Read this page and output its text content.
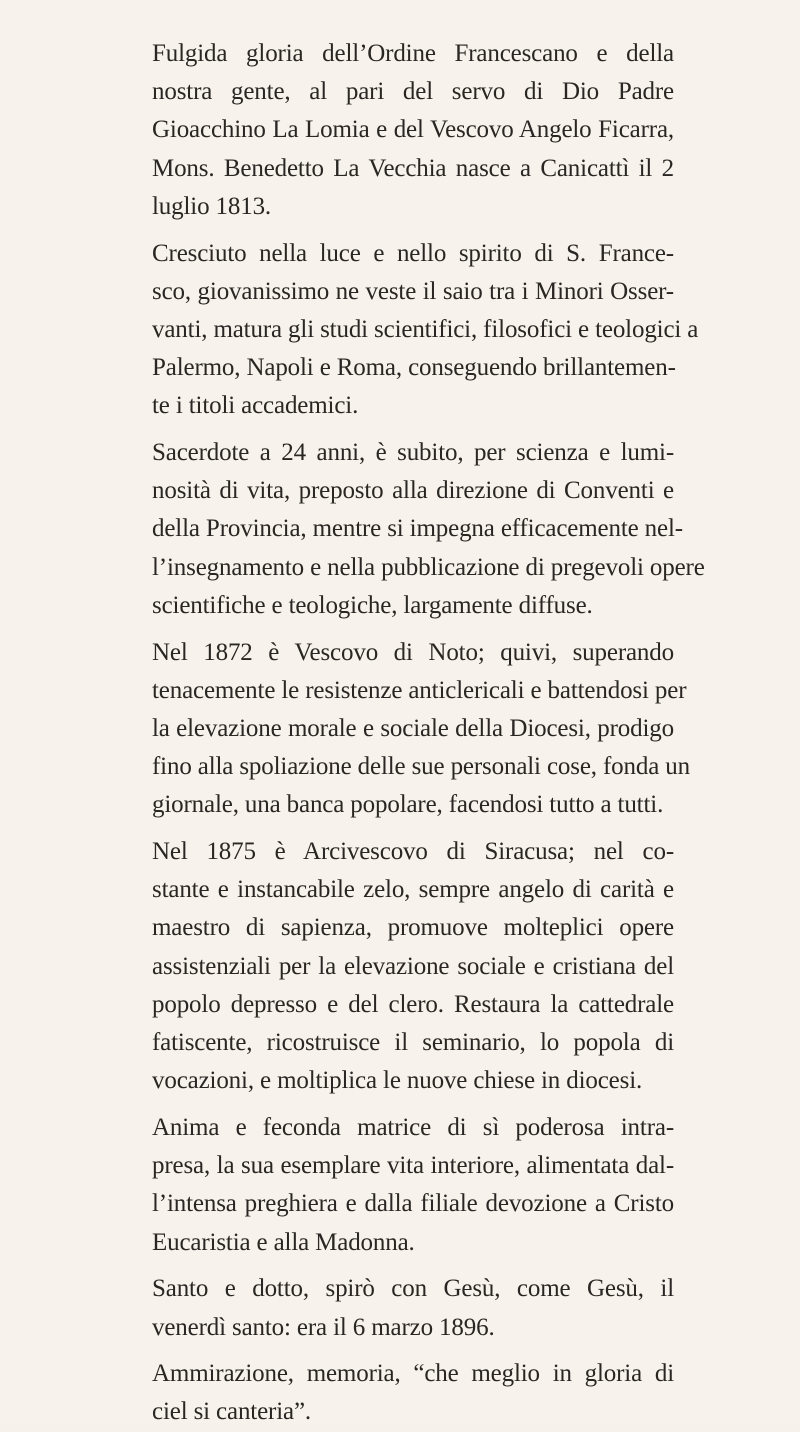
Fulgida gloria dell’Ordine Francescano e della
nostra gente, al pari del servo di Dio Padre
Gioacchino La Lomia e del Vescovo Angelo Ficarra,
Mons. Benedetto La Vecchia nasce a Canicattì il 2
luglio 1813.

Cresciuto nella luce e nello spirito di S. France-
sco, giovanissimo ne veste il saio tra i Minori Osser-
vanti, matura gli studi scientifici, filosofici e teologici a
Palermo, Napoli e Roma, conseguendo brillantemen-
te i titoli accademici.

Sacerdote a 24 anni, è subito, per scienza e lumi-
nosità di vita, preposto alla direzione di Conventi e
della Provincia, mentre si impegna efficacemente nel-
l’insegnamento e nella pubblicazione di pregevoli opere
scientifiche e teologiche, largamente diffuse.

Nel 1872 è Vescovo di Noto; quivi, superando
tenacemente le resistenze anticlericali e battendosi per
la elevazione morale e sociale della Diocesi, prodigo
fino alla spoliazione delle sue personali cose, fonda un
giornale, una banca popolare, facendosi tutto a tutti.

Nel 1875 è Arcivescovo di Siracusa; nel co-
stante e instancabile zelo, sempre angelo di carità e
maestro di sapienza, promuove molteplici opere
assistenziali per la elevazione sociale e cristiana del
popolo depresso e del clero. Restaura la cattedrale
fatiscente, ricostruisce il seminario, lo popola di
vocazioni, e moltiplica le nuove chiese in diocesi.

Anima e feconda matrice di sì poderosa intra-
presa, la sua esemplare vita interiore, alimentata dal-
l’intensa preghiera e dalla filiale devozione a Cristo
Eucaristia e alla Madonna.

Santo e dotto, spirò con Gesù, come Gesù, il
venerdì santo: era il 6 marzo 1896.

Ammirazione, memoria, “che meglio in gloria di
ciel si canteria”.
